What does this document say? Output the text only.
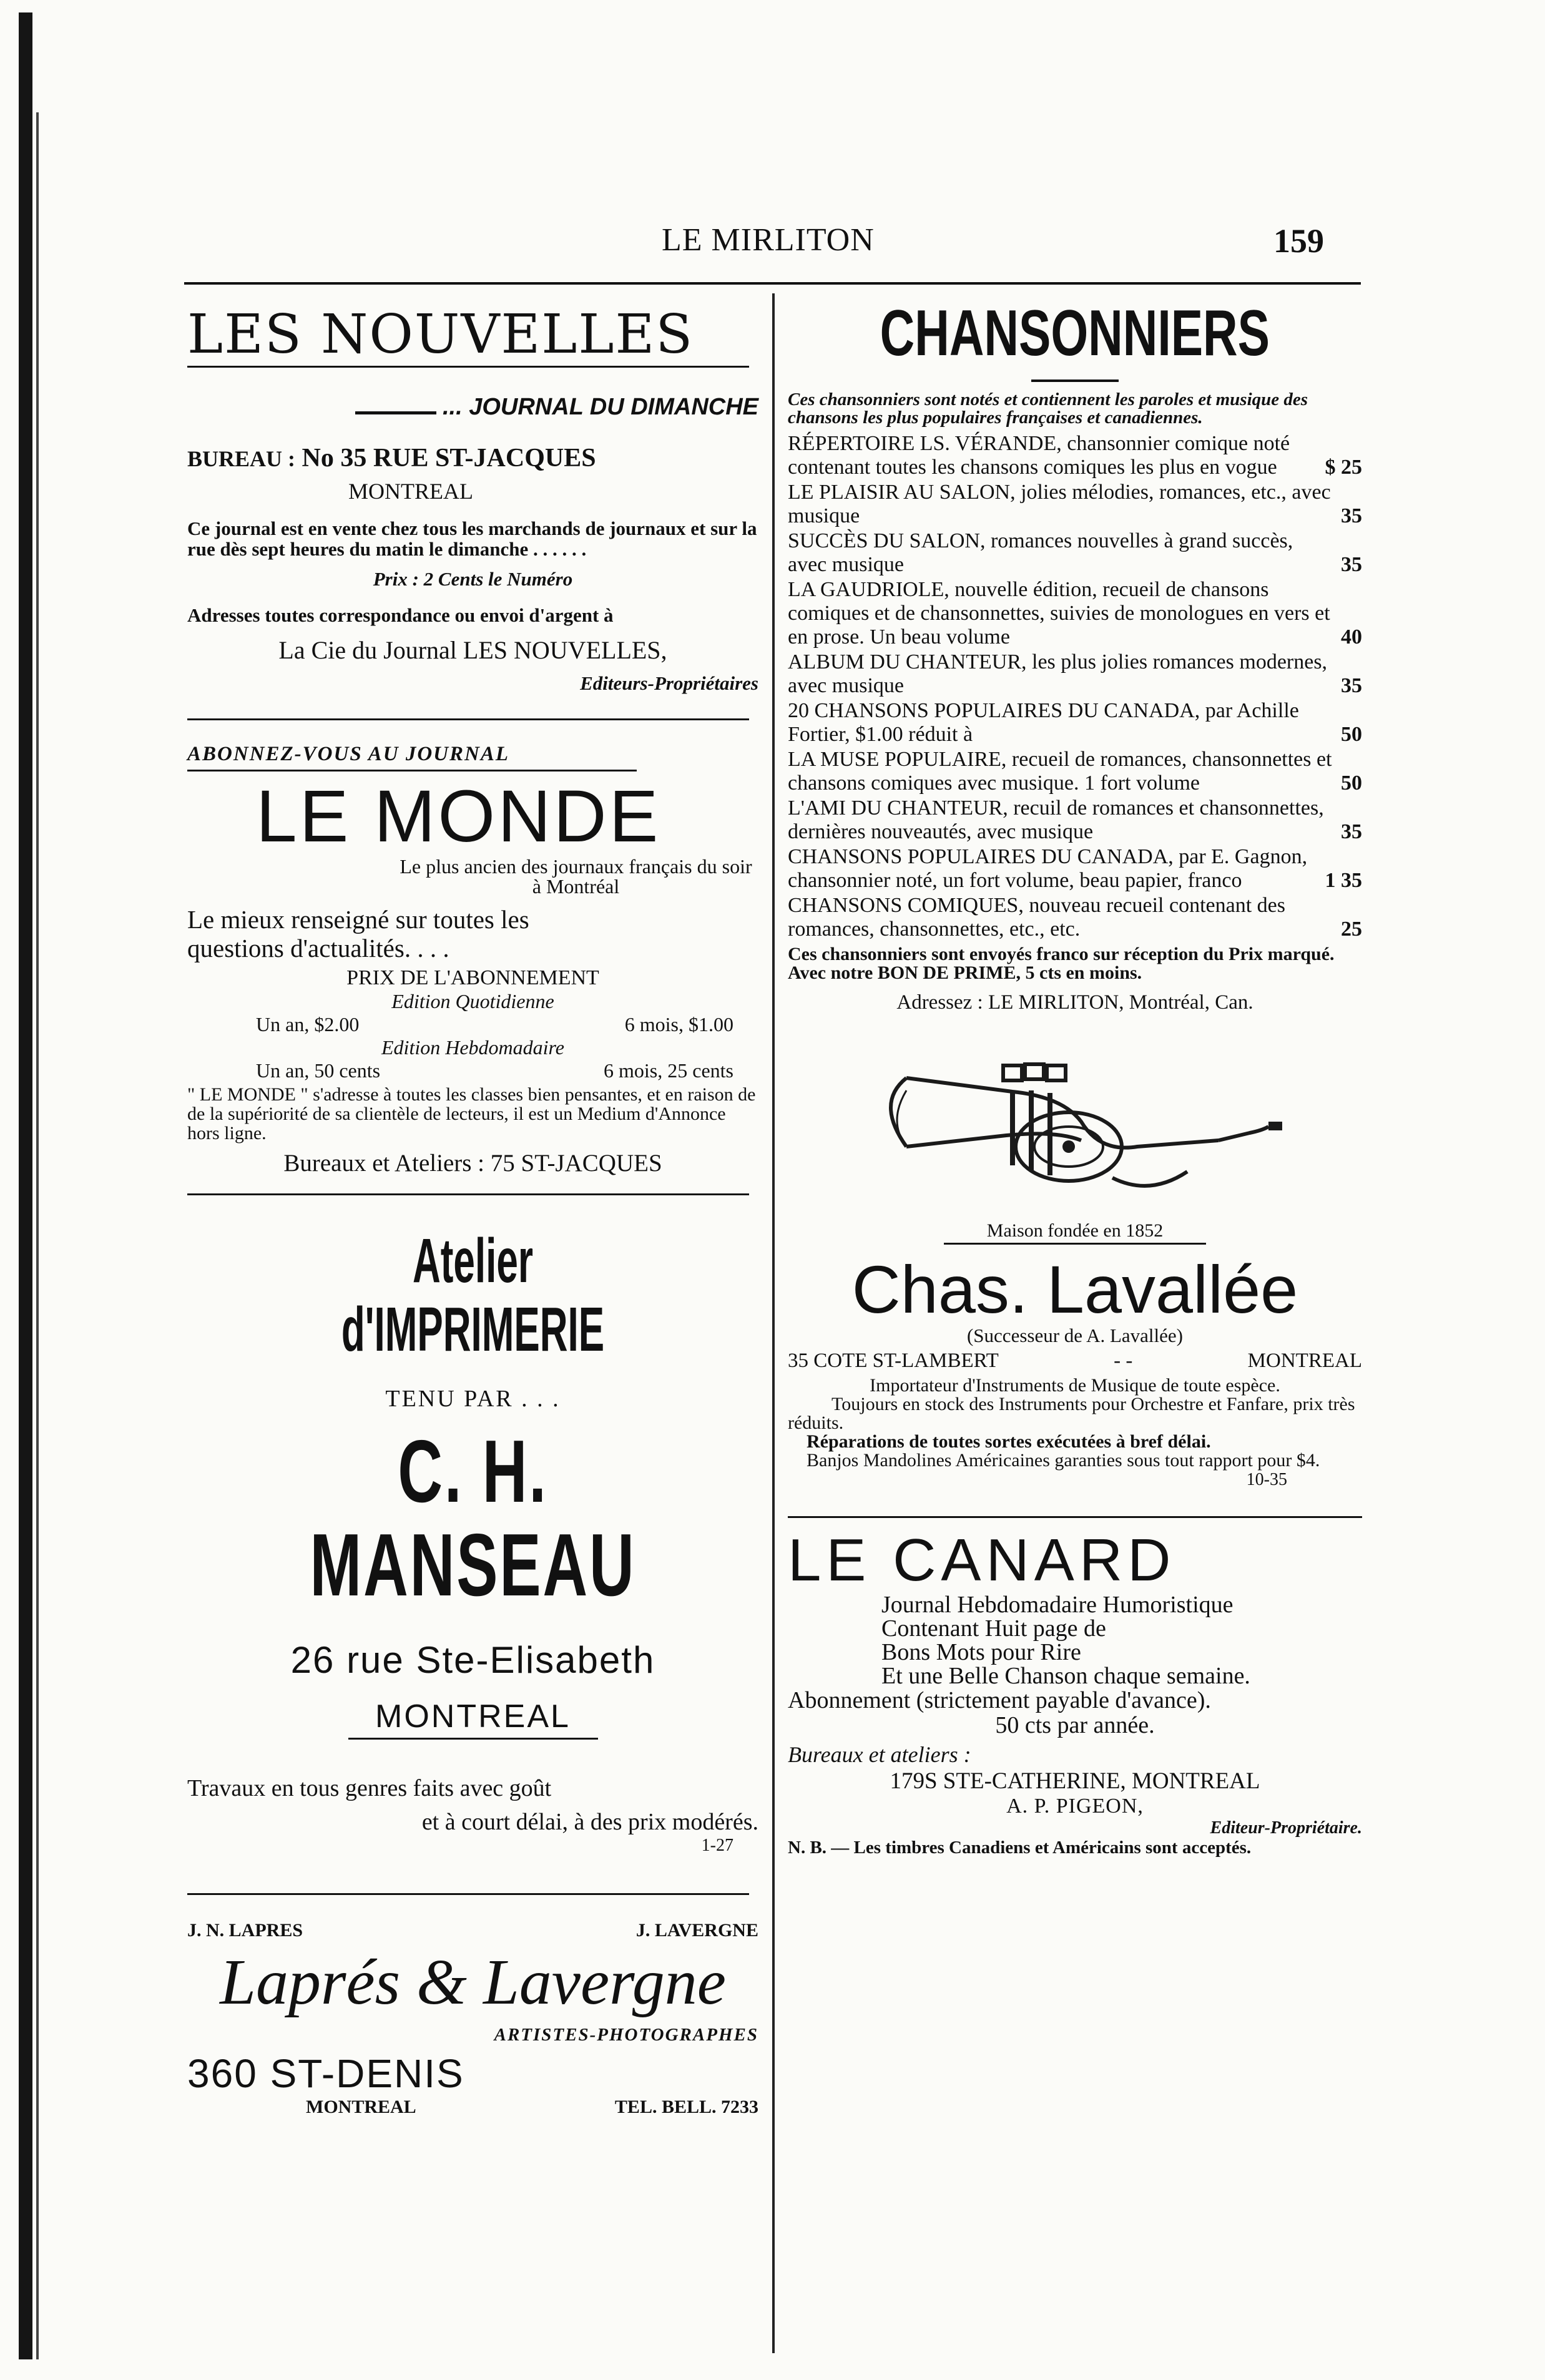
LE MIRLITON	159
LES NOUVELLES
... JOURNAL DU DIMANCHE
BUREAU : No 35 RUE ST-JACQUES
MONTREAL

Ce journal est en vente chez tous les marchands de journaux et sur la rue dès sept heures du matin le dimanche . . . . . .

Prix : 2 Cents le Numéro

Adresses toutes correspondance ou envoi d'argent à

La Cie du Journal LES NOUVELLES,

Editeurs-Propriétaires

ABONNEZ-VOUS AU JOURNAL

LE MONDE

Le plus ancien des journaux français du soir à Montréal

Le mieux renseigné sur toutes les questions d'actualités. . . .

PRIX DE L'ABONNEMENT

Edition Quotidienne

Un an, $2.00	6 mois, $1.00

Edition Hebdomadaire

Un an, 50 cents	6 mois, 25 cents

" LE MONDE " s'adresse à toutes les classes bien pensantes, et en raison de de la supériorité de sa clientèle de lecteurs, il est un Medium d'Annonce hors ligne.

Bureaux et Ateliers : 75 ST-JACQUES

Atelier d'IMPRIMERIE

TENU PAR . . .

C. H. MANSEAU

26 rue Ste-Elisabeth

MONTREAL

Travaux en tous genres faits avec goût

et à court délai, à des prix modérés.

1-27

J. N. LAPRES	J. LAVERGNE

Laprés & Lavergne

ARTISTES-PHOTOGRAPHES

360 ST-DENIS

MONTREAL	TEL. BELL. 7233
CHANSONNIERS

Ces chansonniers sont notés et contiennent les paroles et musique des chansons les plus populaires françaises et canadiennes.

RÉPERTOIRE LS. VÉRANDE, chansonnier comique noté contenant toutes les chansons comiques les plus en vogue	$ 25
LE PLAISIR AU SALON, jolies mélodies, romances, etc., avec musique	35
SUCCÈS DU SALON, romances nouvelles à grand succès, avec musique	35
LA GAUDRIOLE, nouvelle édition, recueil de chansons comiques et de chansonnettes, suivies de monologues en vers et en prose. Un beau volume	40
ALBUM DU CHANTEUR, les plus jolies romances modernes, avec musique	35
20 CHANSONS POPULAIRES DU CANADA, par Achille Fortier, $1.00 réduit à	50
LA MUSE POPULAIRE, recueil de romances, chansonnettes et chansons comiques avec musique. 1 fort volume	50
L'AMI DU CHANTEUR, recuil de romances et chansonnettes, dernières nouveautés, avec musique	35
CHANSONS POPULAIRES DU CANADA, par E. Gagnon, chansonnier noté, un fort volume, beau papier, franco	1 35
CHANSONS COMIQUES, nouveau recueil contenant des romances, chansonnettes, etc., etc.	25

Ces chansonniers sont envoyés franco sur réception du Prix marqué. Avec notre BON DE PRIME, 5 cts en moins.

Adressez : LE MIRLITON, Montréal, Can.

Maison fondée en 1852

Chas. Lavallée

(Successeur de A. Lavallée)

35 COTE ST-LAMBERT	- -	MONTREAL

Importateur d'Instruments de Musique de toute espèce.

Toujours en stock des Instruments pour Orchestre et Fanfare, prix très réduits.

Réparations de toutes sortes exécutées à bref délai.

Banjos Mandolines Américaines garanties sous tout rapport pour $4.

10-35

LE CANARD

Journal Hebdomadaire Humoristique

Contenant Huit page de

Bons Mots pour Rire

Et une Belle Chanson chaque semaine.

Abonnement (strictement payable d'avance).

50 cts par année.

Bureaux et ateliers :

179S STE-CATHERINE, MONTREAL

A. P. PIGEON,

Editeur-Propriétaire.

N. B. — Les timbres Canadiens et Américains sont acceptés.
